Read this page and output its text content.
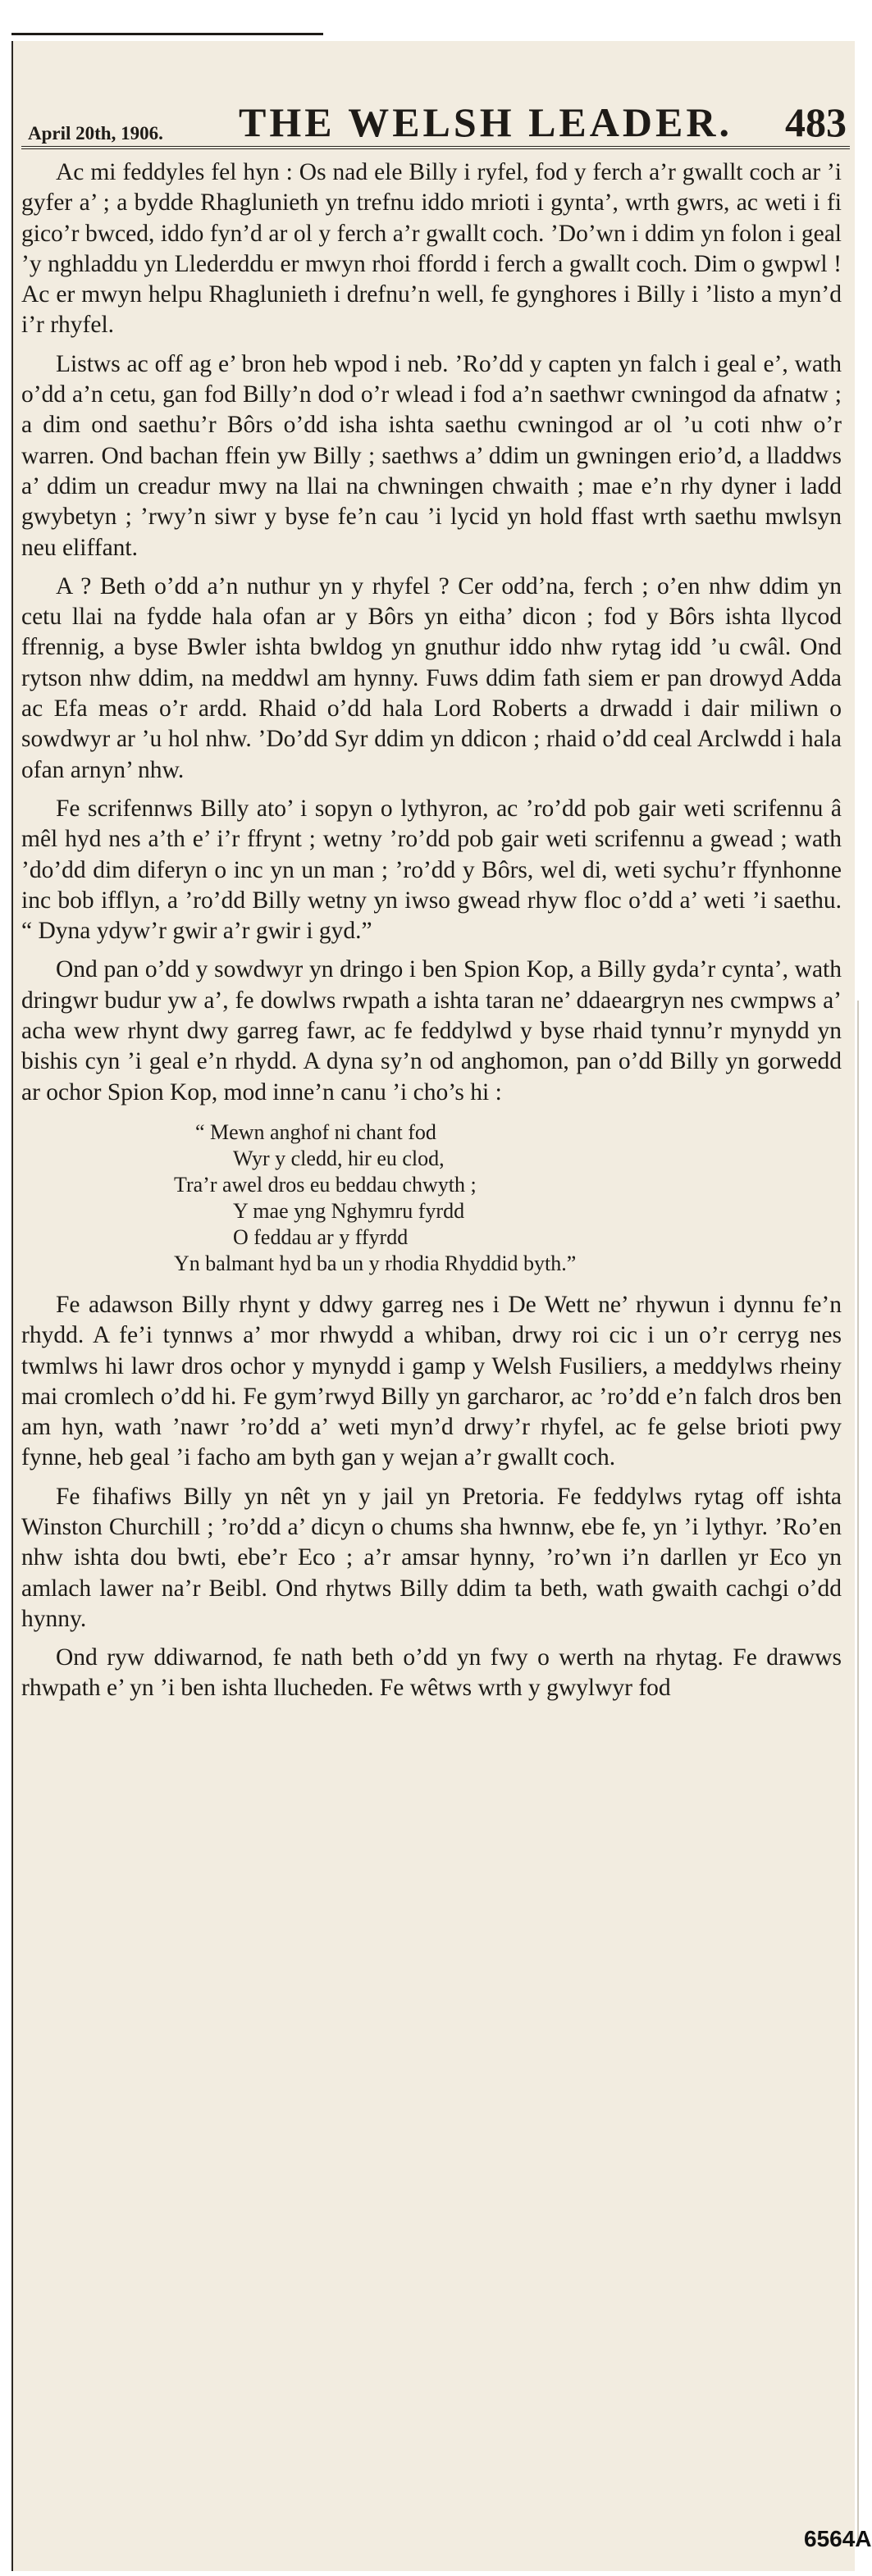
April 20th, 1906. THE WELSH LEADER. 483

Ac mi feddyles fel hyn : Os nad ele Billy i ryfel, fod y ferch a’r gwallt coch ar ’i gyfer a’ ; a bydde Rhaglunieth yn trefnu iddo mrioti i gynta’, wrth gwrs, ac weti i fi gico’r bwced, iddo fyn’d ar ol y ferch a’r gwallt coch. ’Do’wn i ddim yn folon i geal ’y nghladdu yn Llederddu er mwyn rhoi ffordd i ferch a gwallt coch. Dim o gwpwl ! Ac er mwyn helpu Rhaglunieth i drefnu’n well, fe gynghores i Billy i ’listo a myn’d i’r rhyfel.

Listws ac off ag e’ bron heb wpod i neb. ’Ro’dd y capten yn falch i geal e’, wath o’dd a’n cetu, gan fod Billy’n dod o’r wlead i fod a’n saethwr cwningod da afnatw ; a dim ond saethu’r Bôrs o’dd isha ishta saethu cwningod ar ol ’u coti nhw o’r warren. Ond bachan ffein yw Billy ; saethws a’ ddim un gwningen erio’d, a lladdws a’ ddim un creadur mwy na llai na chwningen chwaith ; mae e’n rhy dyner i ladd gwybetyn ; ’rwy’n siwr y byse fe’n cau ’i lycid yn hold ffast wrth saethu mwlsyn neu eliffant.

A ? Beth o’dd a’n nuthur yn y rhyfel ? Cer odd’na, ferch ; o’en nhw ddim yn cetu llai na fydde hala ofan ar y Bôrs yn eitha’ dicon ; fod y Bôrs ishta llycod ffrennig, a byse Bwler ishta bwldog yn gnuthur iddo nhw rytag idd ’u cwâl. Ond rytson nhw ddim, na meddwl am hynny. Fuws ddim fath siem er pan drowyd Adda ac Efa meas o’r ardd. Rhaid o’dd hala Lord Roberts a drwadd i dair miliwn o sowdwyr ar ’u hol nhw. ’Do’dd Syr ddim yn ddicon ; rhaid o’dd ceal Arclwdd i hala ofan arnyn’ nhw.

Fe scrifennws Billy ato’ i sopyn o lythyron, ac ’ro’dd pob gair weti scrifennu â mêl hyd nes a’th e’ i’r ffrynt ; wetny ’ro’dd pob gair weti scrifennu a gwead ; wath ’do’dd dim diferyn o inc yn un man ; ’ro’dd y Bôrs, wel di, weti sychu’r ffynhonne inc bob ifflyn, a ’ro’dd Billy wetny yn iwso gwead rhyw floc o’dd a’ weti ’i saethu. “ Dyna ydyw’r gwir a’r gwir i gyd.”

Ond pan o’dd y sowdwyr yn dringo i ben Spion Kop, a Billy gyda’r cynta’, wath dringwr budur yw a’, fe dowlws rwpath a ishta taran ne’ ddaeargryn nes cwmpws a’ acha wew rhynt dwy garreg fawr, ac fe feddylwd y byse rhaid tynnu’r mynydd yn bishis cyn ’i geal e’n rhydd. A dyna sy’n od anghomon, pan o’dd Billy yn gorwedd ar ochor Spion Kop, mod inne’n canu ’i cho’s hi :

“ Mewn anghof ni chant fod
Wyr y cledd, hir eu clod,
Tra’r awel dros eu beddau chwyth ;
Y mae yng Nghymru fyrdd
O feddau ar y ffyrdd
Yn balmant hyd ba un y rhodia Rhyddid byth.”

Fe adawson Billy rhynt y ddwy garreg nes i De Wett ne’ rhywun i dynnu fe’n rhydd. A fe’i tynnws a’ mor rhwydd a whiban, drwy roi cic i un o’r cerryg nes twmlws hi lawr dros ochor y mynydd i gamp y Welsh Fusiliers, a meddylws rheiny mai cromlech o’dd hi. Fe gym’rwyd Billy yn garcharor, ac ’ro’dd e’n falch dros ben am hyn, wath ’nawr ’ro’dd a’ weti myn’d drwy’r rhyfel, ac fe gelse brioti pwy fynne, heb geal ’i facho am byth gan y wejan a’r gwallt coch.

Fe fihafiws Billy yn nêt yn y jail yn Pretoria. Fe feddylws rytag off ishta Winston Churchill ; ’ro’dd a’ dicyn o chums sha hwnnw, ebe fe, yn ’i lythyr. ’Ro’en nhw ishta dou bwti, ebe’r Eco ; a’r amsar hynny, ’ro’wn i’n darllen yr Eco yn amlach lawer na’r Beibl. Ond rhytws Billy ddim ta beth, wath gwaith cachgi o’dd hynny.

Ond ryw ddiwarnod, fe nath beth o’dd yn fwy o werth na rhytag. Fe drawws rhwpath e’ yn ’i ben ishta llucheden. Fe wêtws wrth y gwylwyr fod

6564A
